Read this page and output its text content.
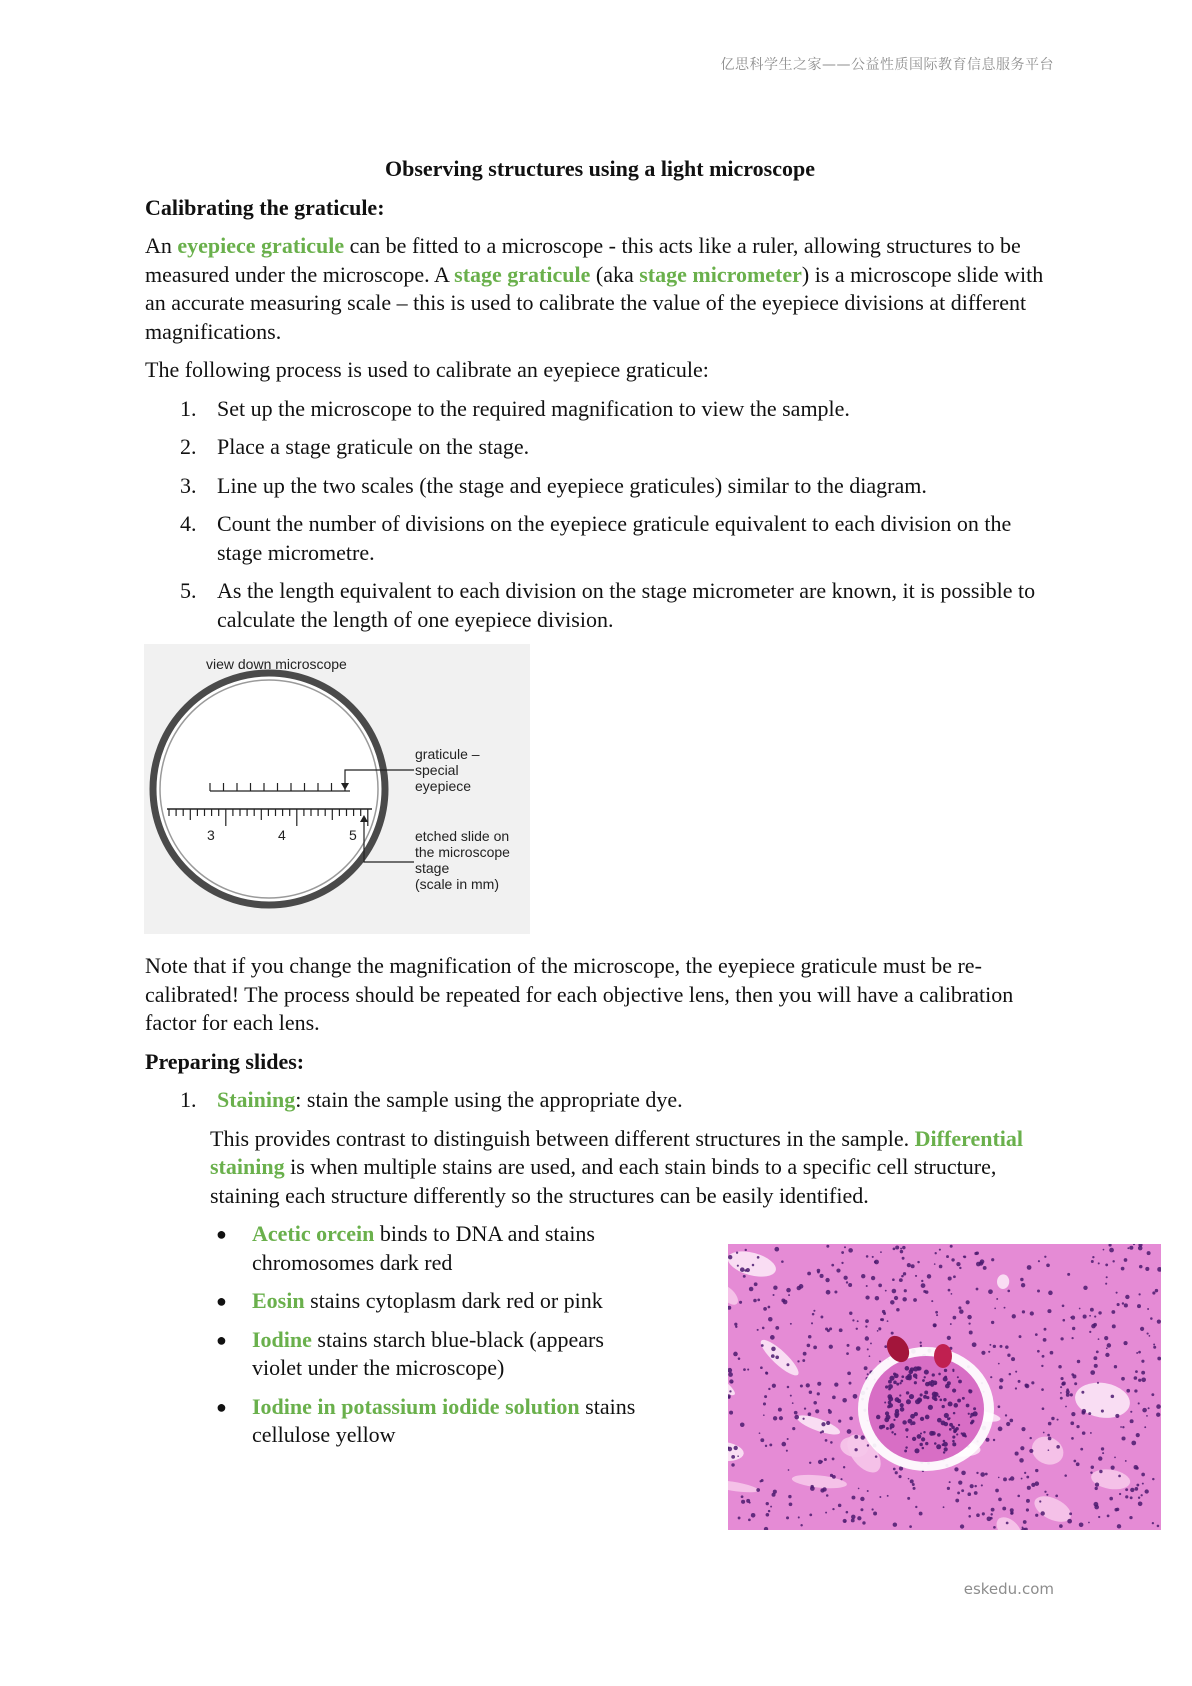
亿思科学生之家——公益性质国际教育信息服务平台
Observing structures using a light microscope
Calibrating the graticule:

An eyepiece graticule can be fitted to a microscope - this acts like a ruler, allowing structures to be measured under the microscope. A stage graticule (aka stage micrometer) is a microscope slide with an accurate measuring scale – this is used to calibrate the value of the eyepiece divisions at different magnifications.

The following process is used to calibrate an eyepiece graticule:

1. Set up the microscope to the required magnification to view the sample.
2. Place a stage graticule on the stage.
3. Line up the two scales (the stage and eyepiece graticules) similar to the diagram.
4. Count the number of divisions on the eyepiece graticule equivalent to each division on the stage micrometre.
5. As the length equivalent to each division on the stage micrometer are known, it is possible to calculate the length of one eyepiece division.
view down microscope
3	4	5
graticule –
special
eyepiece
etched slide on
the microscope
stage
(scale in mm)

Note that if you change the magnification of the microscope, the eyepiece graticule must be re-calibrated! The process should be repeated for each objective lens, then you will have a calibration factor for each lens.

Preparing slides:
1. Staining: stain the sample using the appropriate dye.

This provides contrast to distinguish between different structures in the sample. Differential staining is when multiple stains are used, and each stain binds to a specific cell structure, staining each structure differently so the structures can be easily identified.

● Acetic orcein binds to DNA and stains chromosomes dark red
● Eosin stains cytoplasm dark red or pink
● Iodine stains starch blue-black (appears violet under the microscope)
● Iodine in potassium iodide solution stains cellulose yellow
eskedu.com
